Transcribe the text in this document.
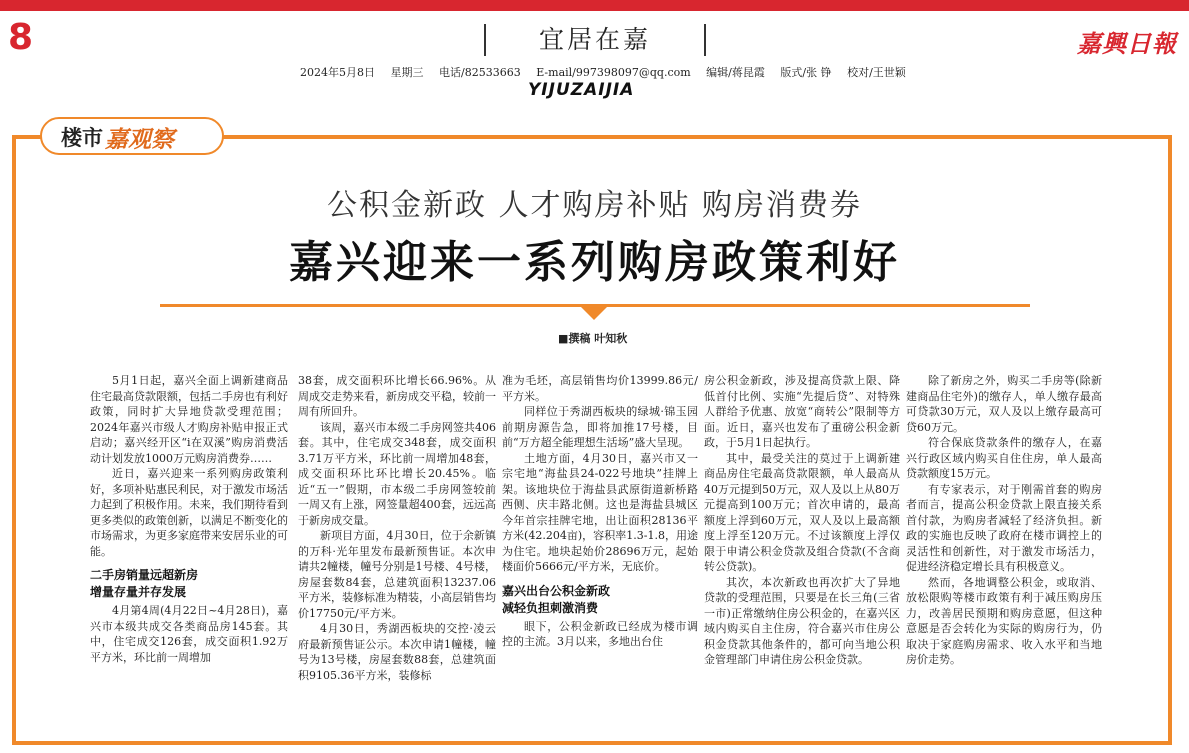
8	宜居在嘉	嘉興日報
2024年5月8日 星期三 电话/82533663 E-mail/997398097@qq.com 编辑/蒋昆霞 版式/张 铮 校对/王世颖
YIJUZAIJIA
楼市 嘉观察
公积金新政 人才购房补贴 购房消费券
嘉兴迎来一系列购房政策利好
■撰稿 叶知秋

5月1日起，嘉兴全面上调新建商品住宅最高贷款限额，包括二手房也有利好政策，同时扩大异地贷款受理范围；2024年嘉兴市级人才购房补贴申报正式启动；嘉兴经开区“i在双溪”购房消费活动计划发放1000万元购房消费券……

近日，嘉兴迎来一系列购房政策利好，多项补贴惠民利民，对于激发市场活力起到了积极作用。未来，我们期待看到更多类似的政策创新，以满足不断变化的市场需求，为更多家庭带来安居乐业的可能。

二手房销量远超新房
增量存量并存发展

4月第4周(4月22日~4月28日)，嘉兴市本级共成交各类商品房145套。其中，住宅成交126套，成交面积1.92万平方米，环比前一周增加

38套，成交面积环比增长66.96%。从周成交走势来看，新房成交平稳，较前一周有所回升。

该周，嘉兴市本级二手房网签共406套。其中，住宅成交348套，成交面积3.71万平方米，环比前一周增加48套，成交面积环比环比增长20.45%。临近“五一”假期，市本级二手房网签较前一周又有上涨，网签量超400套，远远高于新房成交量。

新项目方面，4月30日，位于余新镇的万科·光年里发布最新预售证。本次申请共2幢楼，幢号分别是1号楼、4号楼，房屋套数84套，总建筑面积13237.06平方米，装修标准为精装，小高层销售均价17750元/平方米。

4月30日，秀湖西板块的交控·凌云府最新预售证公示。本次申请1幢楼，幢号为13号楼，房屋套数88套，总建筑面积9105.36平方米，装修标

准为毛坯，高层销售均价13999.86元/平方米。

同样位于秀湖西板块的绿城·锦玉园前期房源告急，即将加推17号楼，目前“万方超全能理想生活场”盛大呈现。

土地方面，4月30日，嘉兴市又一宗宅地“海盐县24-022号地块”挂牌上架。该地块位于海盐县武原街道新桥路西侧、庆丰路北侧。这也是海盐县城区今年首宗挂牌宅地，出让面积28136平方米(42.204亩)，容积率1.3-1.8，用途为住宅。地块起始价28696万元，起始楼面价5666元/平方米，无底价。

嘉兴出台公积金新政
减轻负担刺激消费

眼下，公积金新政已经成为楼市调控的主流。3月以来，多地出台住

房公积金新政，涉及提高贷款上限、降低首付比例、实施“先提后贷”、对特殊人群给予优惠、放宽“商转公”限制等方面。近日，嘉兴也发布了重磅公积金新政，于5月1日起执行。

其中，最受关注的莫过于上调新建商品房住宅最高贷款限额，单人最高从40万元提到50万元，双人及以上从80万元提高到100万元；首次申请的，最高额度上浮到60万元，双人及以上最高额度上浮至120万元。不过该额度上浮仅限于申请公积金贷款及组合贷款(不含商转公贷款)。

其次，本次新政也再次扩大了异地贷款的受理范围，只要是在长三角(三省一市)正常缴纳住房公积金的，在嘉兴区域内购买自主住房，符合嘉兴市住房公积金贷款其他条件的，都可向当地公积金管理部门申请住房公积金贷款。

除了新房之外，购买二手房等(除新建商品住宅外)的缴存人，单人缴存最高可贷款30万元，双人及以上缴存最高可贷60万元。

符合保底贷款条件的缴存人，在嘉兴行政区域内购买自住住房，单人最高贷款额度15万元。

有专家表示，对于刚需首套的购房者而言，提高公积金贷款上限直接关系首付款，为购房者减轻了经济负担。新政的实施也反映了政府在楼市调控上的灵活性和创新性，对于激发市场活力，促进经济稳定增长具有积极意义。

然而，各地调整公积金，或取消、放松限购等楼市政策有利于减压购房压力，改善居民预期和购房意愿，但这种意愿是否会转化为实际的购房行为，仍取决于家庭购房需求、收入水平和当地房价走势。
